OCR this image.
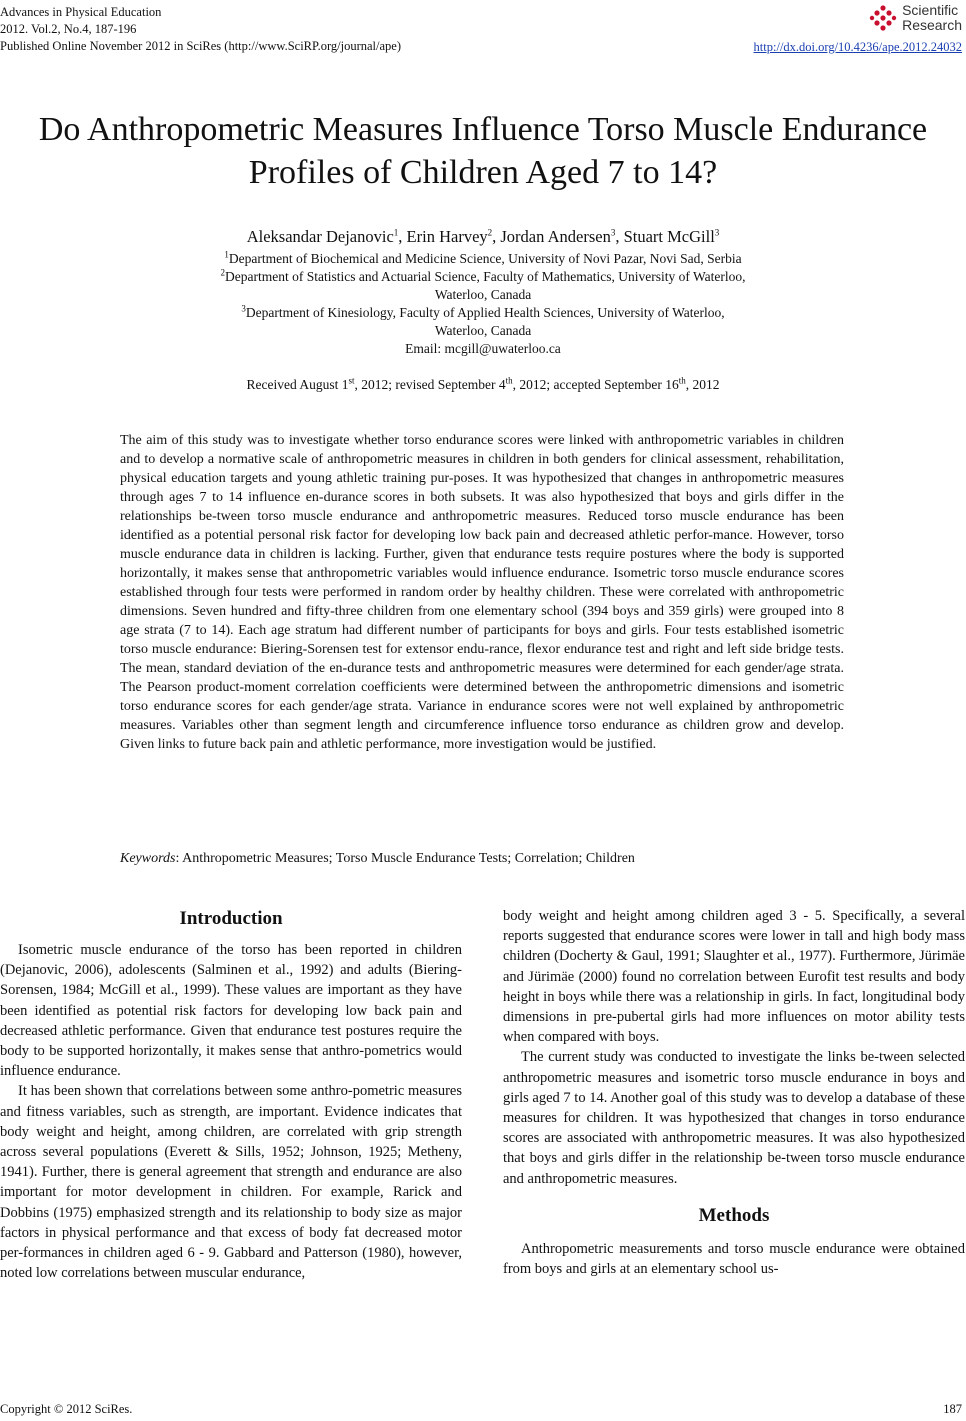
Advances in Physical Education
2012. Vol.2, No.4, 187-196
Published Online November 2012 in SciRes (http://www.SciRP.org/journal/ape)
Scientific
Research
http://dx.doi.org/10.4236/ape.2012.24032
Do Anthropometric Measures Influence Torso Muscle Endurance
Profiles of Children Aged 7 to 14?
Aleksandar Dejanovic$^1$, Erin Harvey$^2$, Jordan Andersen$^3$, Stuart McGill$^3$
$^1$Department of Biochemical and Medicine Science, University of Novi Pazar, Novi Sad, Serbia
$^2$Department of Statistics and Actuarial Science, Faculty of Mathematics, University of Waterloo,
Waterloo, Canada
$^3$Department of Kinesiology, Faculty of Applied Health Sciences, University of Waterloo,
Waterloo, Canada
Email: mcgill@uwaterloo.ca
Received August 1st, 2012; revised September 4th, 2012; accepted September 16th, 2012
The aim of this study was to investigate whether torso endurance scores were linked with anthropometric variables in children and to develop a normative scale of anthropometric measures in children in both genders for clinical assessment, rehabilitation, physical education targets and young athletic training pur-poses. It was hypothesized that changes in anthropometric measures through ages 7 to 14 influence en-durance scores in both subsets. It was also hypothesized that boys and girls differ in the relationships be-tween torso muscle endurance and anthropometric measures. Reduced torso muscle endurance has been identified as a potential personal risk factor for developing low back pain and decreased athletic perfor-mance. However, torso muscle endurance data in children is lacking. Further, given that endurance tests require postures where the body is supported horizontally, it makes sense that anthropometric variables would influence endurance. Isometric torso muscle endurance scores established through four tests were performed in random order by healthy children. These were correlated with anthropometric dimensions. Seven hundred and fifty-three children from one elementary school (394 boys and 359 girls) were grouped into 8 age strata (7 to 14). Each age stratum had different number of participants for boys and girls. Four tests established isometric torso muscle endurance: Biering-Sorensen test for extensor endu-rance, flexor endurance test and right and left side bridge tests. The mean, standard deviation of the en-durance tests and anthropometric measures were determined for each gender/age strata. The Pearson product-moment correlation coefficients were determined between the anthropometric dimensions and isometric torso endurance scores for each gender/age strata. Variance in endurance scores were not well explained by anthropometric measures. Variables other than segment length and circumference influence torso endurance as children grow and develop. Given links to future back pain and athletic performance, more investigation would be justified.
Keywords: Anthropometric Measures; Torso Muscle Endurance Tests; Correlation; Children
Introduction

Isometric muscle endurance of the torso has been reported in children (Dejanovic, 2006), adolescents (Salminen et al., 1992) and adults (Biering-Sorensen, 1984; McGill et al., 1999). These values are important as they have been identified as potential risk factors for developing low back pain and decreased athletic performance. Given that endurance test postures require the body to be supported horizontally, it makes sense that anthro-pometrics would influence endurance.

It has been shown that correlations between some anthro-pometric measures and fitness variables, such as strength, are important. Evidence indicates that body weight and height, among children, are correlated with grip strength across several populations (Everett & Sills, 1952; Johnson, 1925; Metheny, 1941). Further, there is general agreement that strength and endurance are also important for motor development in children. For example, Rarick and Dobbins (1975) emphasized strength and its relationship to body size as major factors in physical performance and that excess of body fat decreased motor per-formances in children aged 6 - 9. Gabbard and Patterson (1980), however, noted low correlations between muscular endurance,

body weight and height among children aged 3 - 5. Specifically, a several reports suggested that endurance scores were lower in tall and high body mass children (Docherty & Gaul, 1991; Slaughter et al., 1977). Furthermore, Jürimäe and Jürimäe (2000) found no correlation between Eurofit test results and body height in boys while there was a relationship in girls. In fact, longitudinal body dimensions in pre-pubertal girls had more influences on motor ability tests when compared with boys.

The current study was conducted to investigate the links be-tween selected anthropometric measures and isometric torso muscle endurance in boys and girls aged 7 to 14. Another goal of this study was to develop a database of these measures for children. It was hypothesized that changes in torso endurance scores are associated with anthropometric measures. It was also hypothesized that boys and girls differ in the relationship be-tween torso muscle endurance and anthropometric measures.

Methods

Anthropometric measurements and torso muscle endurance were obtained from boys and girls at an elementary school us-

Copyright © 2012 SciRes.	187
